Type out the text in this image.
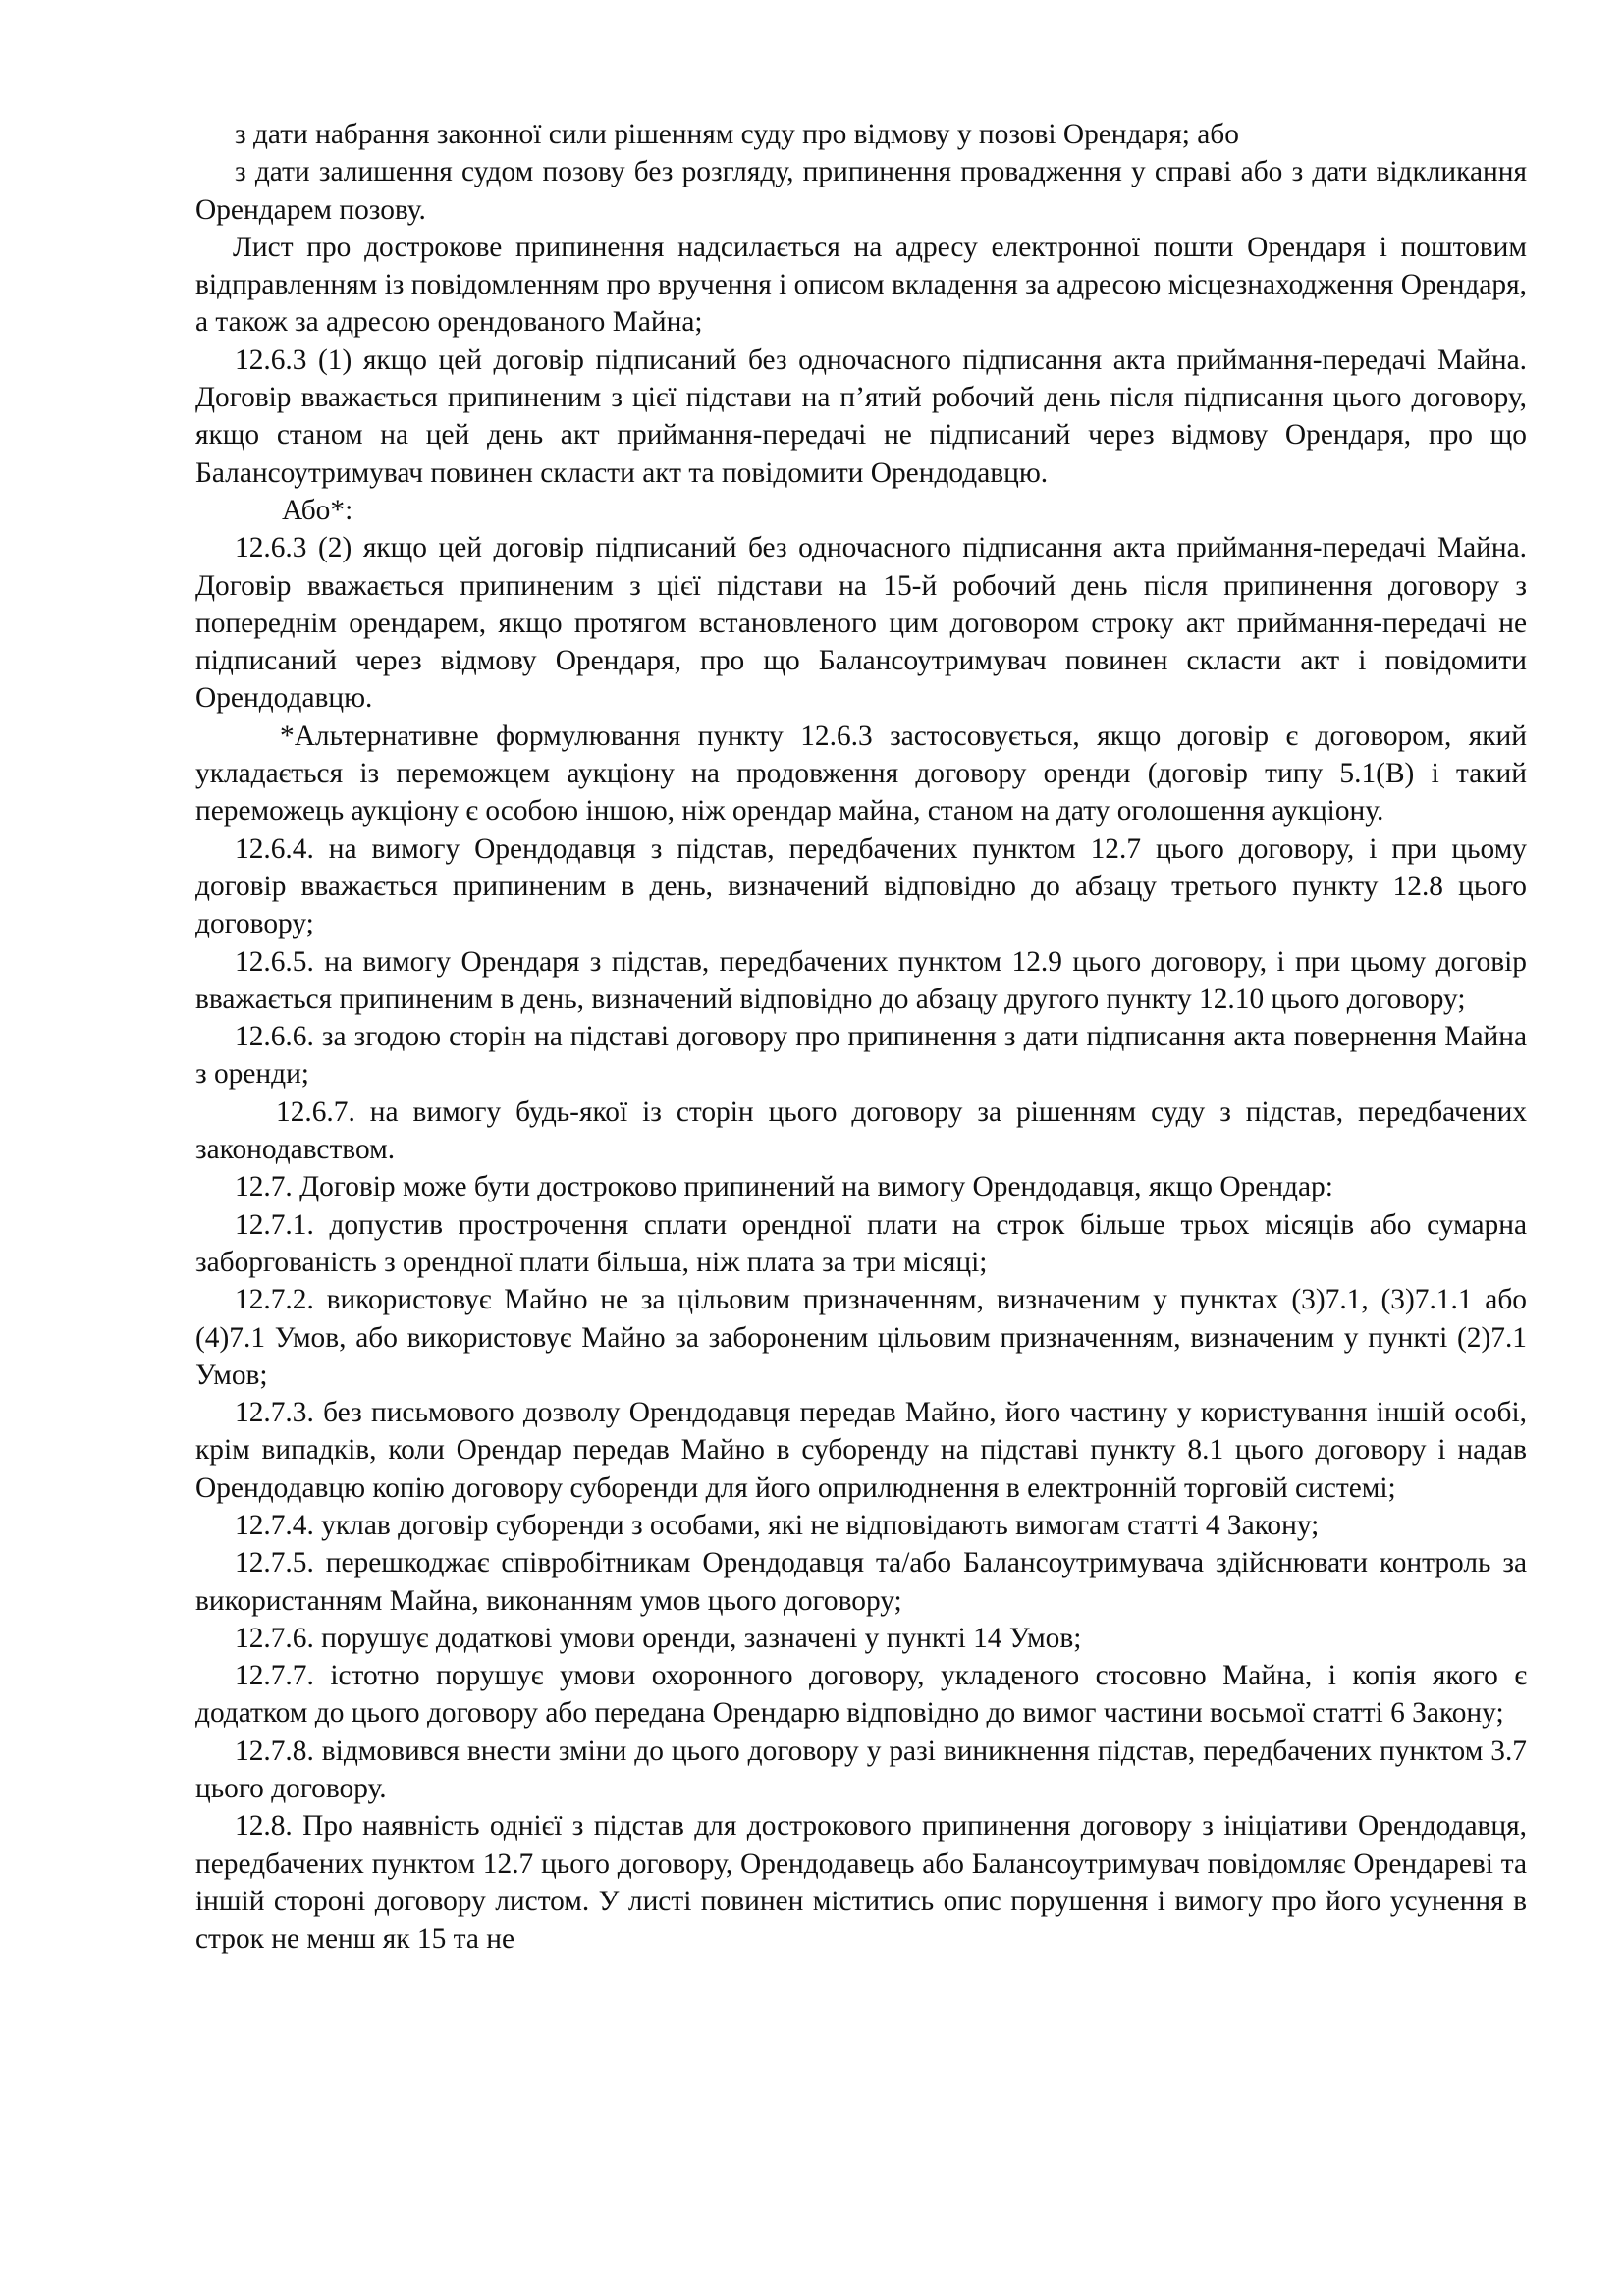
з дати набрання законної сили рішенням суду про відмову у позові Орендаря; або

з дати залишення судом позову без розгляду, припинення провадження у справі або з дати відкликання Орендарем позову.

Лист про дострокове припинення надсилається на адресу електронної пошти Орендаря і поштовим відправленням із повідомленням про вручення і описом вкладення за адресою місцезнаходження Орендаря, а також за адресою орендованого Майна;

12.6.3 (1) якщо цей договір підписаний без одночасного підписання акта приймання-передачі Майна. Договір вважається припиненим з цієї підстави на п’ятий робочий день після підписання цього договору, якщо станом на цей день акт приймання-передачі не підписаний через відмову Орендаря, про що Балансоутримувач повинен скласти акт та повідомити Орендодавцю.

Або*:

12.6.3 (2) якщо цей договір підписаний без одночасного підписання акта приймання-передачі Майна. Договір вважається припиненим з цієї підстави на 15-й робочий день після припинення договору з попереднім орендарем, якщо протягом встановленого цим договором строку акт приймання-передачі не підписаний через відмову Орендаря, про що Балансоутримувач повинен скласти акт і повідомити Орендодавцю.

*Альтернативне формулювання пункту 12.6.3 застосовується, якщо договір є договором, який укладається із переможцем аукціону на продовження договору оренди (договір типу 5.1(В) і такий переможець аукціону є особою іншою, ніж орендар майна, станом на дату оголошення аукціону.

12.6.4. на вимогу Орендодавця з підстав, передбачених пунктом 12.7 цього договору, і при цьому договір вважається припиненим в день, визначений відповідно до абзацу третього пункту 12.8 цього договору;

12.6.5. на вимогу Орендаря з підстав, передбачених пунктом 12.9 цього договору, і при цьому договір вважається припиненим в день, визначений відповідно до абзацу другого пункту 12.10 цього договору;

12.6.6. за згодою сторін на підставі договору про припинення з дати підписання акта повернення Майна з оренди;

12.6.7. на вимогу будь-якої із сторін цього договору за рішенням суду з підстав, передбачених законодавством.

12.7. Договір може бути достроково припинений на вимогу Орендодавця, якщо Орендар:

12.7.1. допустив прострочення сплати орендної плати на строк більше трьох місяців або сумарна заборгованість з орендної плати більша, ніж плата за три місяці;

12.7.2. використовує Майно не за цільовим призначенням, визначеним у пунктах (3)7.1, (3)7.1.1 або (4)7.1 Умов, або використовує Майно за забороненим цільовим призначенням, визначеним у пункті (2)7.1 Умов;

12.7.3. без письмового дозволу Орендодавця передав Майно, його частину у користування іншій особі, крім випадків, коли Орендар передав Майно в суборенду на підставі пункту 8.1 цього договору і надав Орендодавцю копію договору суборенди для його оприлюднення в електронній торговій системі;

12.7.4. уклав договір суборенди з особами, які не відповідають вимогам статті 4 Закону;

12.7.5. перешкоджає співробітникам Орендодавця та/або Балансоутримувача здійснювати контроль за використанням Майна, виконанням умов цього договору;

12.7.6. порушує додаткові умови оренди, зазначені у пункті 14 Умов;

12.7.7. істотно порушує умови охоронного договору, укладеного стосовно Майна, і копія якого є додатком до цього договору або передана Орендарю відповідно до вимог частини восьмої статті 6 Закону;

12.7.8. відмовився внести зміни до цього договору у разі виникнення підстав, передбачених пунктом 3.7 цього договору.

12.8. Про наявність однієї з підстав для дострокового припинення договору з ініціативи Орендодавця, передбачених пунктом 12.7 цього договору, Орендодавець або Балансоутримувач повідомляє Орендареві та іншій стороні договору листом. У листі повинен міститись опис порушення і вимогу про його усунення в строк не менш як 15 та не
